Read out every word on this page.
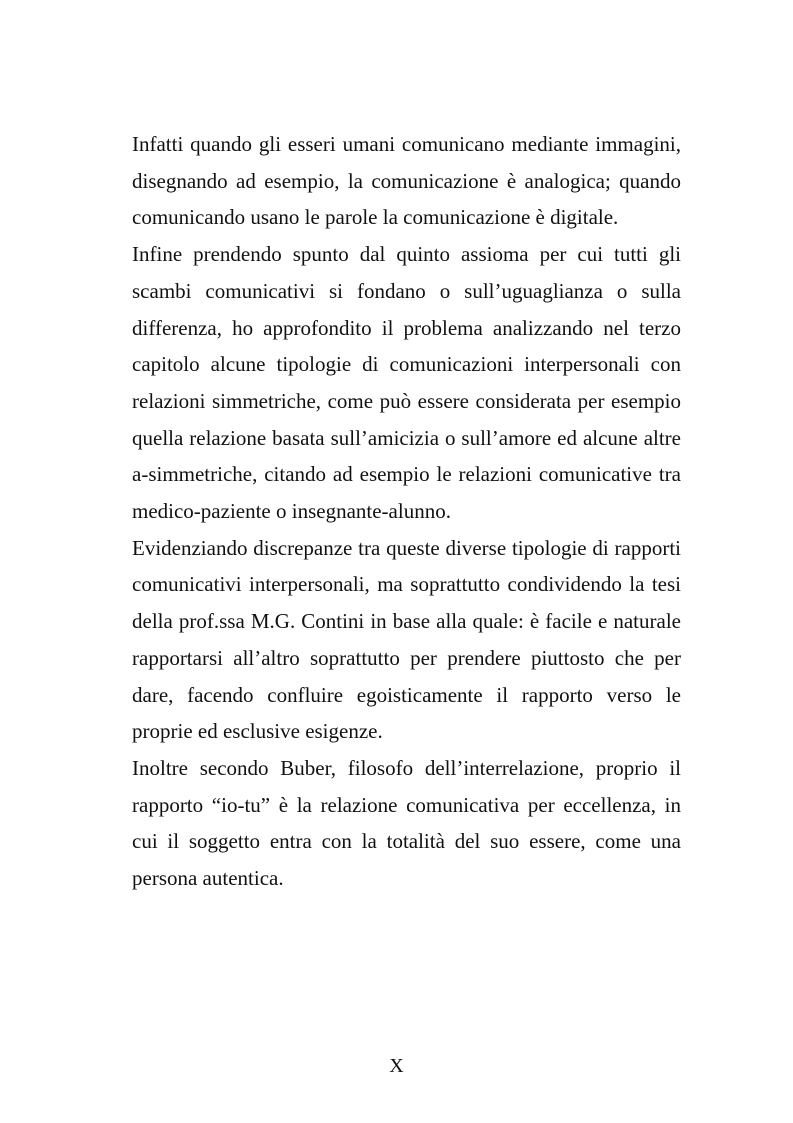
Infatti quando gli esseri umani comunicano mediante immagini, disegnando ad esempio, la comunicazione è analogica; quando comunicando usano le parole la comunicazione è digitale.

Infine prendendo spunto dal quinto assioma per cui tutti gli scambi comunicativi si fondano o sull’uguaglianza o sulla differenza, ho approfondito il problema analizzando nel terzo capitolo alcune tipologie di comunicazioni interpersonali con relazioni simmetriche, come può essere considerata per esempio quella relazione basata sull’amicizia o sull’amore ed alcune altre a-simmetriche, citando ad esempio le relazioni comunicative tra medico-paziente o insegnante-alunno.

Evidenziando discrepanze tra queste diverse tipologie di rapporti comunicativi interpersonali, ma soprattutto condividendo la tesi della prof.ssa M.G. Contini in base alla quale: è facile e naturale rapportarsi all’altro soprattutto per prendere piuttosto che per dare, facendo confluire egoisticamente il rapporto verso le proprie ed esclusive esigenze.

Inoltre secondo Buber, filosofo dell’interrelazione, proprio il rapporto “io-tu” è la relazione comunicativa per eccellenza, in cui il soggetto entra con la totalità del suo essere, come una persona autentica.

X
